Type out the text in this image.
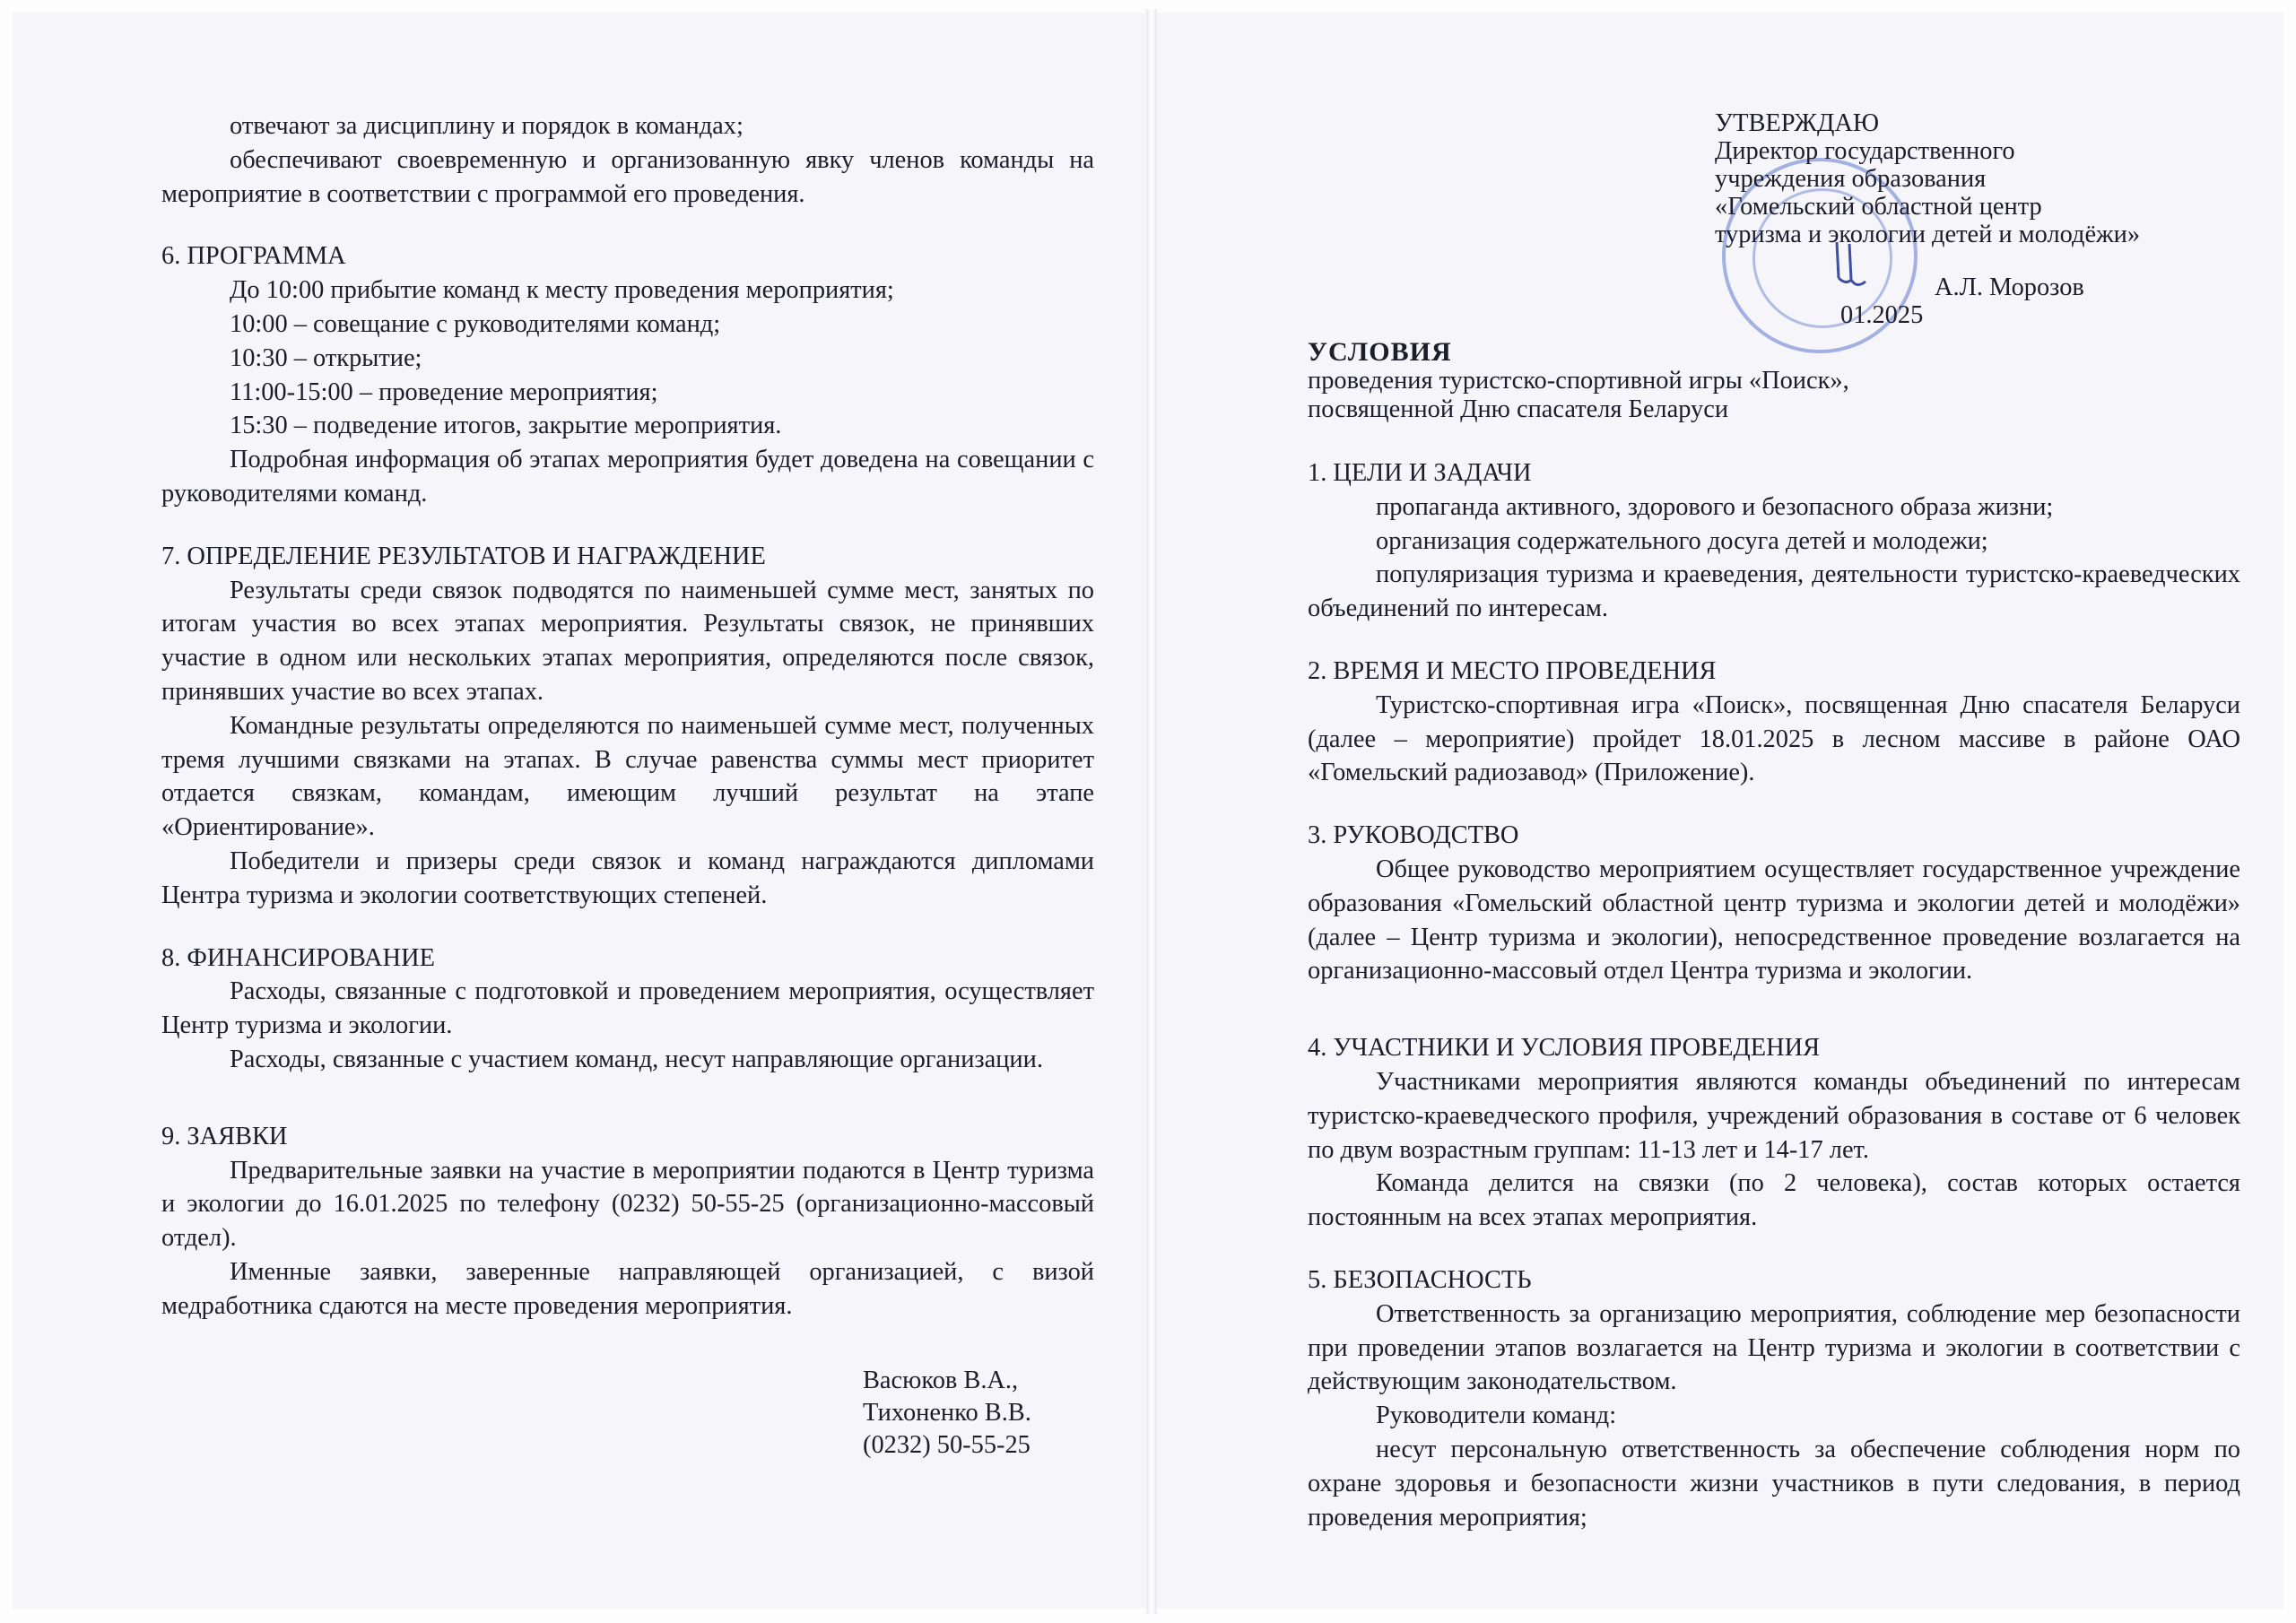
отвечают за дисциплину и порядок в командах;

обеспечивают своевременную и организованную явку членов команды на мероприятие в соответствии с программой его проведения.

6. ПРОГРАММА

До 10:00 прибытие команд к месту проведения мероприятия;

10:00 – совещание с руководителями команд;

10:30 – открытие;

11:00-15:00 – проведение мероприятия;

15:30 – подведение итогов, закрытие мероприятия.

Подробная информация об этапах мероприятия будет доведена на совещании с руководителями команд.

7. ОПРЕДЕЛЕНИЕ РЕЗУЛЬТАТОВ И НАГРАЖДЕНИЕ

Результаты среди связок подводятся по наименьшей сумме мест, занятых по итогам участия во всех этапах мероприятия. Результаты связок, не принявших участие в одном или нескольких этапах мероприятия, определяются после связок, принявших участие во всех этапах.

Командные результаты определяются по наименьшей сумме мест, полученных тремя лучшими связками на этапах. В случае равенства суммы мест приоритет отдается связкам, командам, имеющим лучший результат на этапе «Ориентирование».

Победители и призеры среди связок и команд награждаются дипломами Центра туризма и экологии соответствующих степеней.

8. ФИНАНСИРОВАНИЕ

Расходы, связанные с подготовкой и проведением мероприятия, осуществляет Центр туризма и экологии.

Расходы, связанные с участием команд, несут направляющие организации.

9. ЗАЯВКИ

Предварительные заявки на участие в мероприятии подаются в Центр туризма и экологии до 16.01.2025 по телефону (0232) 50-55-25 (организационно-массовый отдел).

Именные заявки, заверенные направляющей организацией, с визой медработника сдаются на месте проведения мероприятия.

Васюков В.А.,
Тихоненко В.В.
(0232) 50-55-25
УТВЕРЖДАЮ
Директор государственного
учреждения образования
«Гомельский областной центр
туризма и экологии детей и молодёжи»
А.Л. Морозов
01.2025
УСЛОВИЯ
проведения туристско-спортивной игры «Поиск»,
посвященной Дню спасателя Беларуси

1. ЦЕЛИ И ЗАДАЧИ

пропаганда активного, здорового и безопасного образа жизни;

организация содержательного досуга детей и молодежи;

популяризация туризма и краеведения, деятельности туристско-краеведческих объединений по интересам.

2. ВРЕМЯ И МЕСТО ПРОВЕДЕНИЯ

Туристско-спортивная игра «Поиск», посвященная Дню спасателя Беларуси (далее – мероприятие) пройдет 18.01.2025 в лесном массиве в районе ОАО «Гомельский радиозавод» (Приложение).

3. РУКОВОДСТВО

Общее руководство мероприятием осуществляет государственное учреждение образования «Гомельский областной центр туризма и экологии детей и молодёжи» (далее – Центр туризма и экологии), непосредственное проведение возлагается на организационно-массовый отдел Центра туризма и экологии.

4. УЧАСТНИКИ И УСЛОВИЯ ПРОВЕДЕНИЯ

Участниками мероприятия являются команды объединений по интересам туристско-краеведческого профиля, учреждений образования в составе от 6 человек по двум возрастным группам: 11-13 лет и 14-17 лет.

Команда делится на связки (по 2 человека), состав которых остается постоянным на всех этапах мероприятия.

5. БЕЗОПАСНОСТЬ

Ответственность за организацию мероприятия, соблюдение мер безопасности при проведении этапов возлагается на Центр туризма и экологии в соответствии с действующим законодательством.

Руководители команд:

несут персональную ответственность за обеспечение соблюдения норм по охране здоровья и безопасности жизни участников в пути следования, в период проведения мероприятия;
